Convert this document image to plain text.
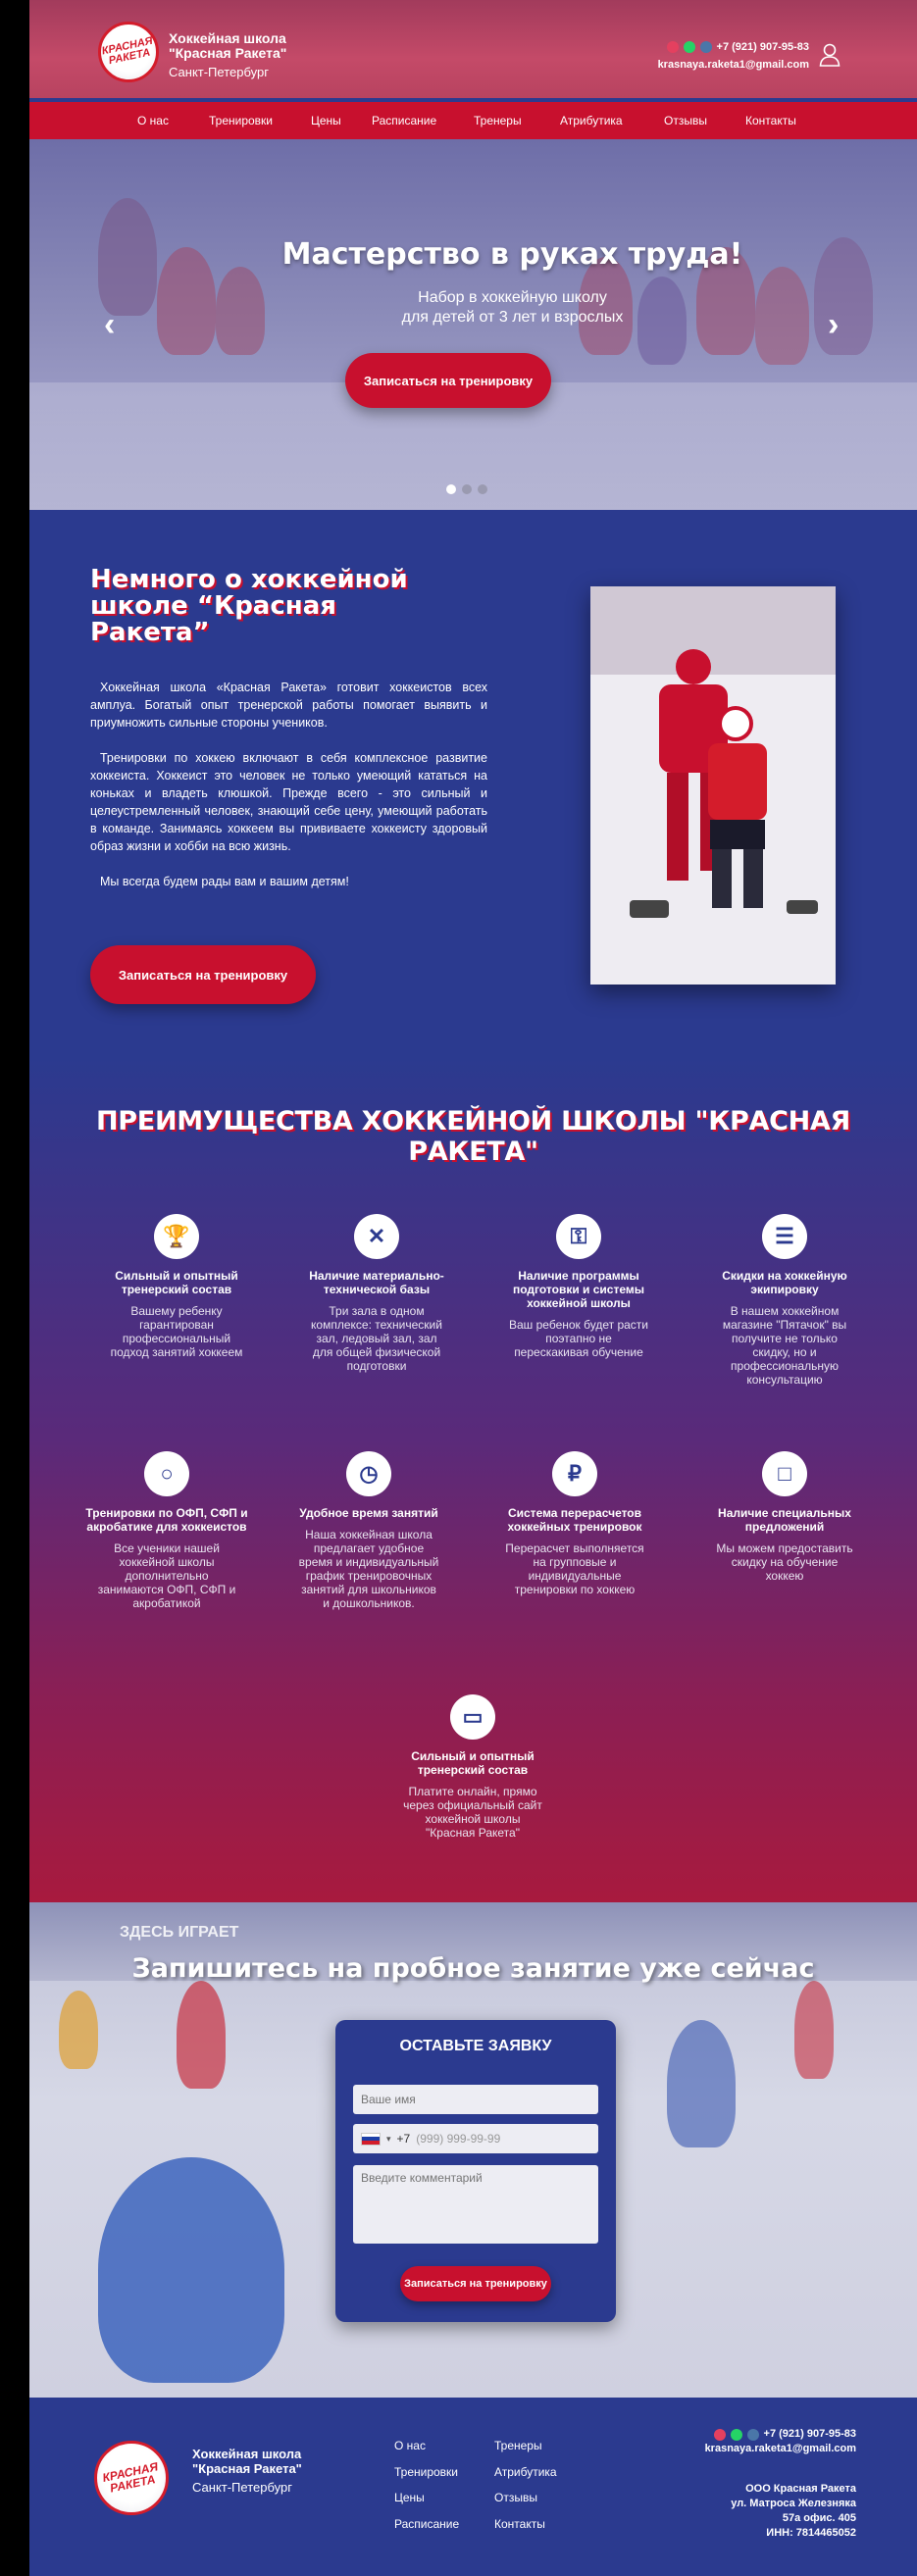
КРАСНАЯ РАКЕТА
Хоккейная школа "Красная Ракета"
Санкт-Петербург
+7 (921) 907-95-83
krasnaya.raketa1@gmail.com
О нас	Тренировки	Цены	Расписание	Тренеры	Атрибутика	Отзывы	Контакты
Мастерство в руках труда!
Набор в хоккейную школу
для детей от 3 лет и взрослых
Записаться на тренировку
‹	›
Немного о хоккейной школе “Красная Ракета”

Хоккейная школа «Красная Ракета» готовит хоккеистов всех амплуа. Богатый опыт тренерской работы помогает выявить и приумножить сильные стороны учеников.

Тренировки по хоккею включают в себя комплексное развитие хоккеиста. Хоккеист это человек не только умеющий кататься на коньках и владеть клюшкой. Прежде всего - это сильный и целеустремленный человек, знающий себе цену, умеющий работать в команде. Занимаясь хоккеем вы прививаете хоккеисту здоровый образ жизни и хобби на всю жизнь.

Мы всегда будем рады вам и вашим детям!

Записаться на тренировку
ПРЕИМУЩЕСТВА ХОККЕЙНОЙ ШКОЛЫ "КРАСНАЯ РАКЕТА"
🏆
Сильный и опытный тренерский состав
Вашему ребенку гарантирован профессиональный подход занятий хоккеем
✕
Наличие материально-технической базы
Три зала в одном комплексе: технический зал, ледовый зал, зал для общей физической подготовки
⚿
Наличие программы подготовки и системы хоккейной школы
Ваш ребенок будет расти поэтапно не перескакивая обучение
☰
Скидки на хоккейную экипировку
В нашем хоккейном магазине "Пятачок" вы получите не только скидку, но и профессиональную консультацию
○
Тренировки по ОФП, СФП и акробатике для хоккеистов
Все ученики нашей хоккейной школы дополнительно занимаются ОФП, СФП и акробатикой
◷
Удобное время занятий
Наша хоккейная школа предлагает удобное время и индивидуальный график тренировочных занятий для школьников и дошкольников.
₽
Система перерасчетов хоккейных тренировок
Перерасчет выполняется на групповые и индивидуальные тренировки по хоккею
□
Наличие специальных предложений
Мы можем предоставить скидку на обучение хоккею
▭
Сильный и опытный тренерский состав
Платите онлайн, прямо через официальный сайт хоккейной школы "Красная Ракета"
ЗДЕСЬ ИГРАЕТ
Запишитесь на пробное занятие уже сейчас
ОСТАВЬТЕ ЗАЯВКУ
Ваше имя
▾ +7 (999) 999-99-99
Введите комментарий
Записаться на тренировку
КРАСНАЯ РАКЕТА
Хоккейная школа "Красная Ракета"
Санкт-Петербург
О нас
Тренировки
Цены
Расписание
Тренеры
Атрибутика
Отзывы
Контакты
+7 (921) 907-95-83
krasnaya.raketa1@gmail.com
ООО Красная Ракета
ул. Матроса Железняка
57а офис. 405
ИНН: 7814465052
